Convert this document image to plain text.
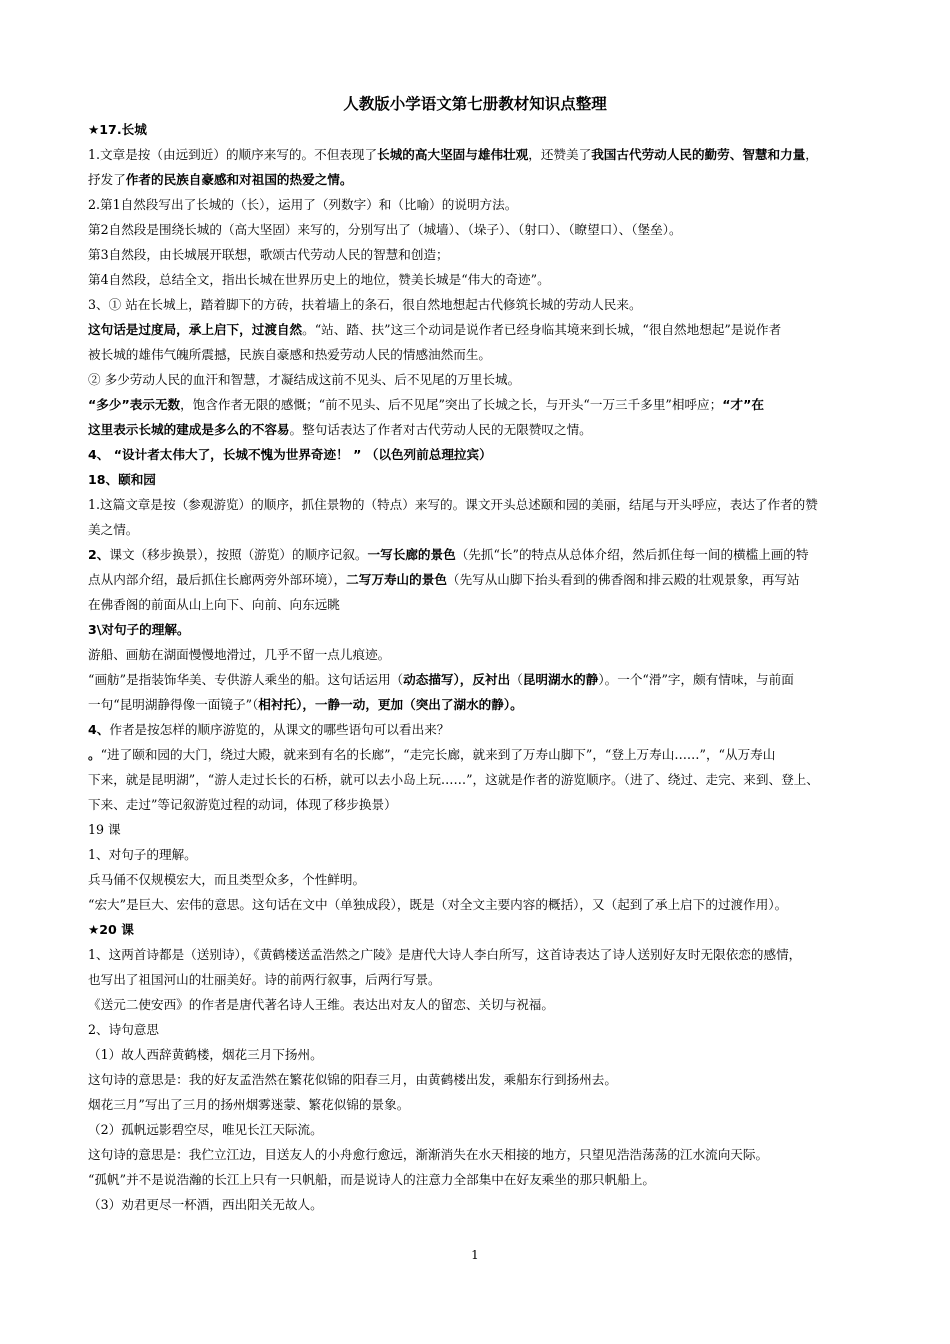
人教版小学语文第七册教材知识点整理
★17.长城
1.文章是按（由远到近）的顺序来写的。不但表现了长城的高大坚固与雄伟壮观，还赞美了我国古代劳动人民的勤劳、智慧和力量，
抒发了作者的民族自豪感和对祖国的热爱之情。
2.第1自然段写出了长城的（长），运用了（列数字）和（比喻）的说明方法。
第2自然段是围绕长城的（高大坚固）来写的，分别写出了（城墙）、（垛子）、（射口）、（瞭望口）、（堡垒）。
第3自然段，由长城展开联想，歌颂古代劳动人民的智慧和创造；
第4自然段，总结全文，指出长城在世界历史上的地位，赞美长城是“伟大的奇迹”。
3、① 站在长城上，踏着脚下的方砖，扶着墙上的条石，很自然地想起古代修筑长城的劳动人民来。
这句话是过度局，承上启下，过渡自然。“站、踏、扶”这三个动词是说作者已经身临其境来到长城，“很自然地想起”是说作者
被长城的雄伟气魄所震撼，民族自豪感和热爱劳动人民的情感油然而生。
② 多少劳动人民的血汗和智慧，才凝结成这前不见头、后不见尾的万里长城。
“多少”表示无数，饱含作者无限的感慨；“前不见头、后不见尾”突出了长城之长，与开头“一万三千多里”相呼应；“才”在
这里表示长城的建成是多么的不容易。整句话表达了作者对古代劳动人民的无限赞叹之情。
4、 “设计者太伟大了，长城不愧为世界奇迹！ ” （以色列前总理拉宾）
18、颐和园
1.这篇文章是按（参观游览）的顺序，抓住景物的（特点）来写的。课文开头总述颐和园的美丽，结尾与开头呼应，表达了作者的赞
美之情。
2、课文（移步换景），按照（游览）的顺序记叙。一写长廊的景色（先抓“长”的特点从总体介绍，然后抓住每一间的横槛上画的特
点从内部介绍，最后抓住长廊两旁外部环境），二写万寿山的景色（先写从山脚下抬头看到的佛香阁和排云殿的壮观景象，再写站
在佛香阁的前面从山上向下、向前、向东远眺
3\对句子的理解。
游船、画舫在湖面慢慢地滑过，几乎不留一点儿痕迹。
“画舫”是指装饰华美、专供游人乘坐的船。这句话运用（动态描写），反衬出（昆明湖水的静）。一个“滑”字，颇有情味，与前面
一句“昆明湖静得像一面镜子”（相衬托），一静一动，更加（突出了湖水的静）。
4、作者是按怎样的顺序游览的，从课文的哪些语句可以看出来？
。“进了颐和园的大门，绕过大殿，就来到有名的长廊”，“走完长廊，就来到了万寿山脚下”，“登上万寿山……”，“从万寿山
下来，就是昆明湖”，“游人走过长长的石桥，就可以去小岛上玩……”，这就是作者的游览顺序。（进了、绕过、走完、来到、登上、
下来、走过”等记叙游览过程的动词，体现了移步换景）
19 课
1、对句子的理解。
兵马俑不仅规模宏大，而且类型众多，个性鲜明。
“宏大”是巨大、宏伟的意思。这句话在文中（单独成段），既是（对全文主要内容的概括），又（起到了承上启下的过渡作用）。
★20 课
1、这两首诗都是（送别诗），《黄鹤楼送孟浩然之广陵》是唐代大诗人李白所写，这首诗表达了诗人送别好友时无限依恋的感情，
也写出了祖国河山的壮丽美好。诗的前两行叙事，后两行写景。
《送元二使安西》的作者是唐代著名诗人王维。表达出对友人的留恋、关切与祝福。
2、诗句意思
（1）故人西辞黄鹤楼，烟花三月下扬州。
这句诗的意思是：我的好友孟浩然在繁花似锦的阳春三月，由黄鹤楼出发，乘船东行到扬州去。
烟花三月”写出了三月的扬州烟雾迷蒙、繁花似锦的景象。
（2）孤帆远影碧空尽，唯见长江天际流。
这句诗的意思是：我伫立江边，目送友人的小舟愈行愈远，渐渐消失在水天相接的地方，只望见浩浩荡荡的江水流向天际。
“孤帆”并不是说浩瀚的长江上只有一只帆船，而是说诗人的注意力全部集中在好友乘坐的那只帆船上。
（3）劝君更尽一杯酒，西出阳关无故人。
1
